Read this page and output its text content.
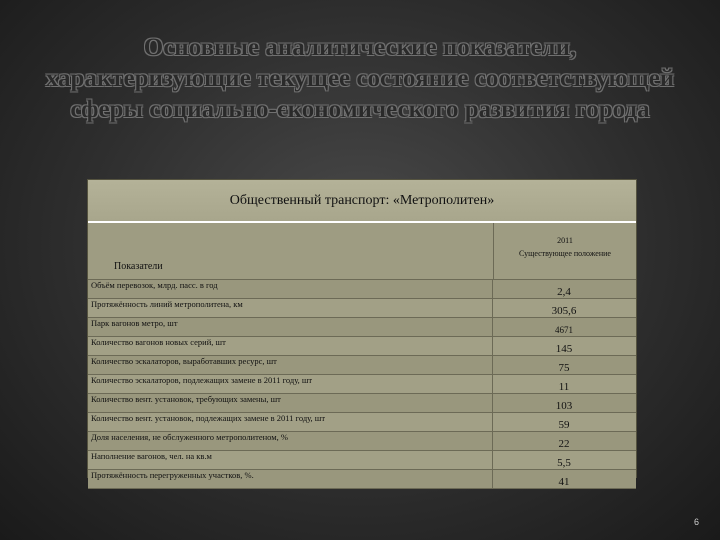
Основные аналитические показатели, характеризующие текущее состояние соответствующей сферы социально-єкономического развития города
Общественный транспорт: «Метрополитен»
Показатели
2011
Существующее положение
Объём перевозок, млрд. пасс. в год
2,4
Протяжённость линий метрополитена, км
305,6
Парк вагонов метро, шт
4671
Количество вагонов новых серий, шт
145
Количество эскалаторов, выработавших ресурс, шт
75
Количество эскалаторов, подлежащих замене в 2011 году, шт
11
Количество вент. установок, требующих замены, шт
103
Количество вент. установок, подлежащих замене в 2011 году, шт
59
Доля населения, не обслуженного метрополитеном, %
22
Наполнение вагонов, чел. на кв.м
5,5
Протяжённость перегруженных участков, %.
41
6
